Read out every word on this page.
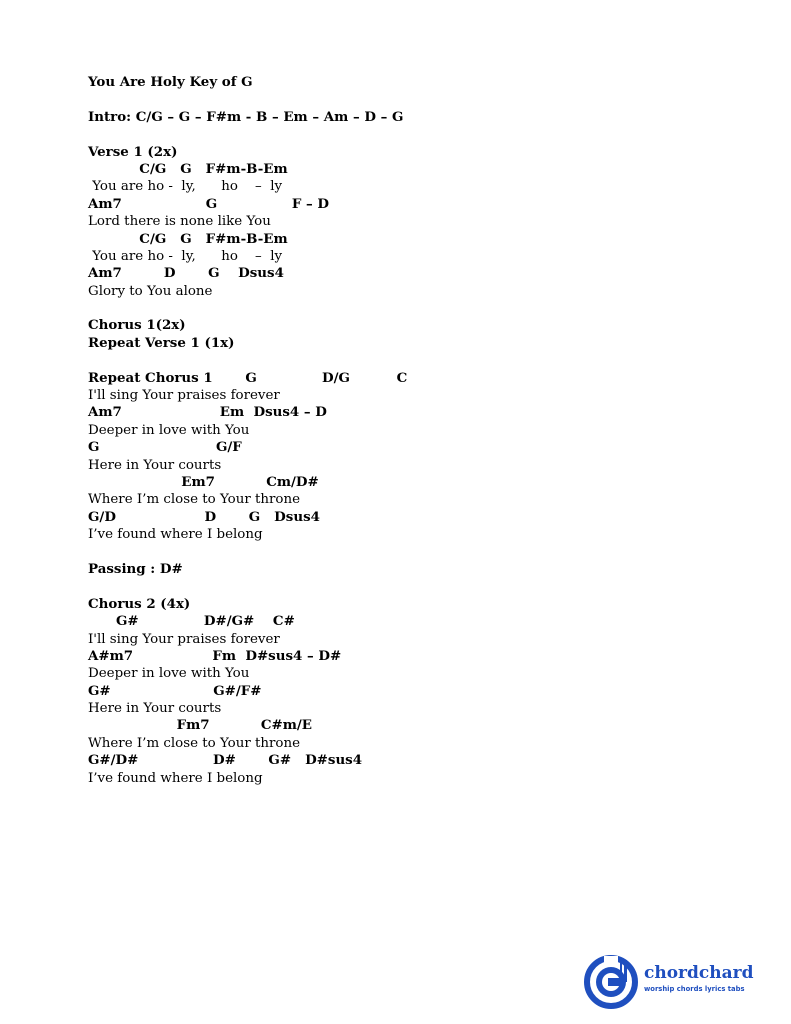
You Are Holy Key of G
Intro: C/G – G – F#m - B – Em – Am – D – G
Verse 1 (2x)
C/G   G   F#m-B-Em
You are ho -  ly,      ho    –  ly
Am7                  G                F – D
Lord there is none like You
C/G   G   F#m-B-Em
You are ho -  ly,      ho    –  ly
Am7         D       G    Dsus4
Glory to You alone
Chorus 1(2x)
Repeat Verse 1 (1x)
Repeat Chorus 1       G              D/G          C
I'll sing Your praises forever
Am7                     Em  Dsus4 – D
Deeper in love with You
G                         G/F
Here in Your courts
Em7           Cm/D#
Where I’m close to Your throne
G/D                   D       G   Dsus4
I’ve found where I belong
Passing : D#
Chorus 2 (4x)
G#              D#/G#    C#
I'll sing Your praises forever
A#m7                 Fm  D#sus4 – D#
Deeper in love with You
G#                      G#/F#
Here in Your courts
Fm7           C#m/E
Where I’m close to Your throne
G#/D#                D#       G#   D#sus4
I’ve found where I belong
chordchard
worship chords lyrics tabs
